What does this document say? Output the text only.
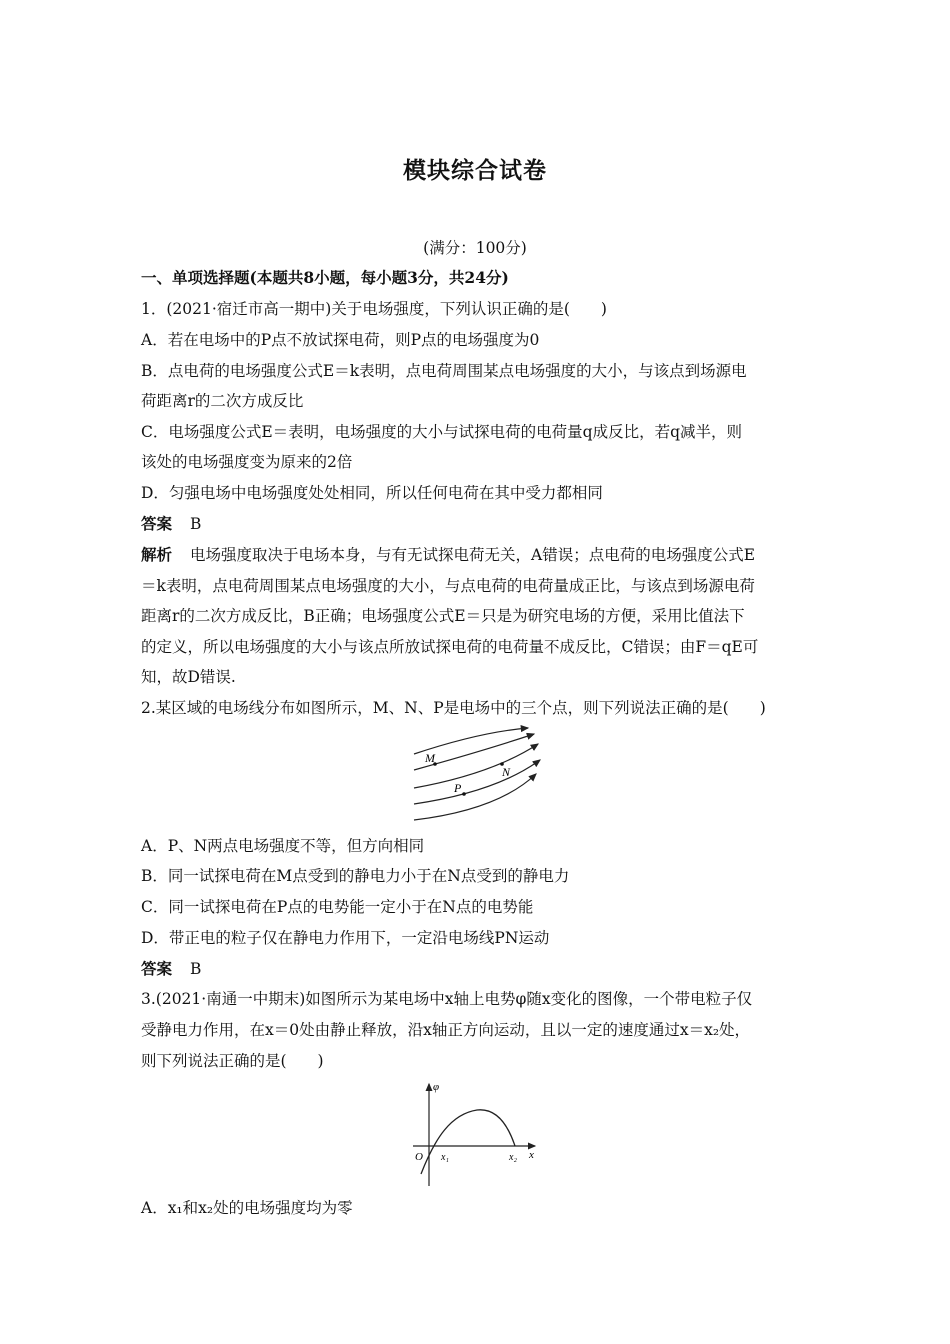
模块综合试卷
(满分：100分)
一、单项选择题(本题共8小题，每小题3分，共24分)
1．(2021·宿迁市高一期中)关于电场强度，下列认识正确的是(　　)
A．若在电场中的P点不放试探电荷，则P点的电场强度为0
B．点电荷的电场强度公式E＝k表明，点电荷周围某点电场强度的大小，与该点到场源电
荷距离r的二次方成反比
C．电场强度公式E＝表明，电场强度的大小与试探电荷的电荷量q成反比，若q减半，则
该处的电场强度变为原来的2倍
D．匀强电场中电场强度处处相同，所以任何电荷在其中受力都相同
答案 B
解析 电场强度取决于电场本身，与有无试探电荷无关，A错误；点电荷的电场强度公式E
＝k表明，点电荷周围某点电场强度的大小，与点电荷的电荷量成正比，与该点到场源电荷
距离r的二次方成反比，B正确；电场强度公式E＝只是为研究电场的方便，采用比值法下
的定义，所以电场强度的大小与该点所放试探电荷的电荷量不成反比，C错误；由F＝qE可
知，故D错误.
2.某区域的电场线分布如图所示，M、N、P是电场中的三个点，则下列说法正确的是(　　)
M
N
P
A．P、N两点电场强度不等，但方向相同
B．同一试探电荷在M点受到的静电力小于在N点受到的静电力
C．同一试探电荷在P点的电势能一定小于在N点的电势能
D．带正电的粒子仅在静电力作用下，一定沿电场线PN运动
答案 B
3.(2021·南通一中期末)如图所示为某电场中x轴上电势φ随x变化的图像，一个带电粒子仅
受静电力作用，在x＝0处由静止释放，沿x轴正方向运动，且以一定的速度通过x＝x₂处，
则下列说法正确的是(　　)
φ
O x₁	x₂ x
A．x₁和x₂处的电场强度均为零
